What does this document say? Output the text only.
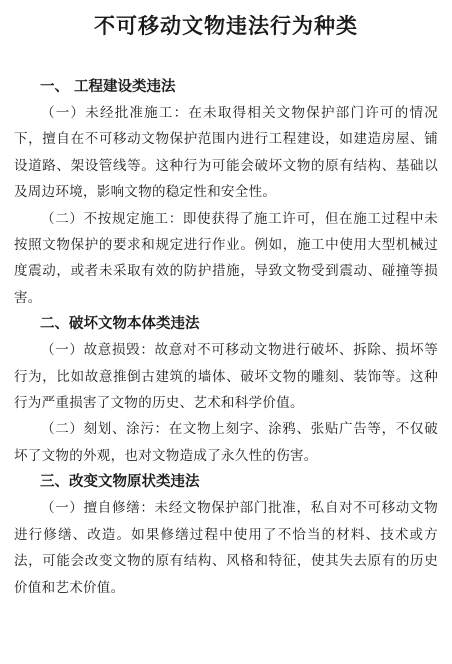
不可移动文物违法行为种类
一、 工程建设类违法

（一）未经批准施工：在未取得相关文物保护部门许可的情况下，擅自在不可移动文物保护范围内进行工程建设，如建造房屋、铺设道路、架设管线等。这种行为可能会破坏文物的原有结构、基础以及周边环境，影响文物的稳定性和安全性。

（二）不按规定施工：即使获得了施工许可，但在施工过程中未按照文物保护的要求和规定进行作业。例如，施工中使用大型机械过度震动，或者未采取有效的防护措施，导致文物受到震动、碰撞等损害。

二、破坏文物本体类违法

（一）故意损毁：故意对不可移动文物进行破坏、拆除、损坏等行为，比如故意推倒古建筑的墙体、破坏文物的雕刻、装饰等。这种行为严重损害了文物的历史、艺术和科学价值。

（二）刻划、涂污：在文物上刻字、涂鸦、张贴广告等，不仅破坏了文物的外观，也对文物造成了永久性的伤害。

三、改变文物原状类违法

（一）擅自修缮：未经文物保护部门批准，私自对不可移动文物进行修缮、改造。如果修缮过程中使用了不恰当的材料、技术或方法，可能会改变文物的原有结构、风格和特征，使其失去原有的历史价值和艺术价值。
